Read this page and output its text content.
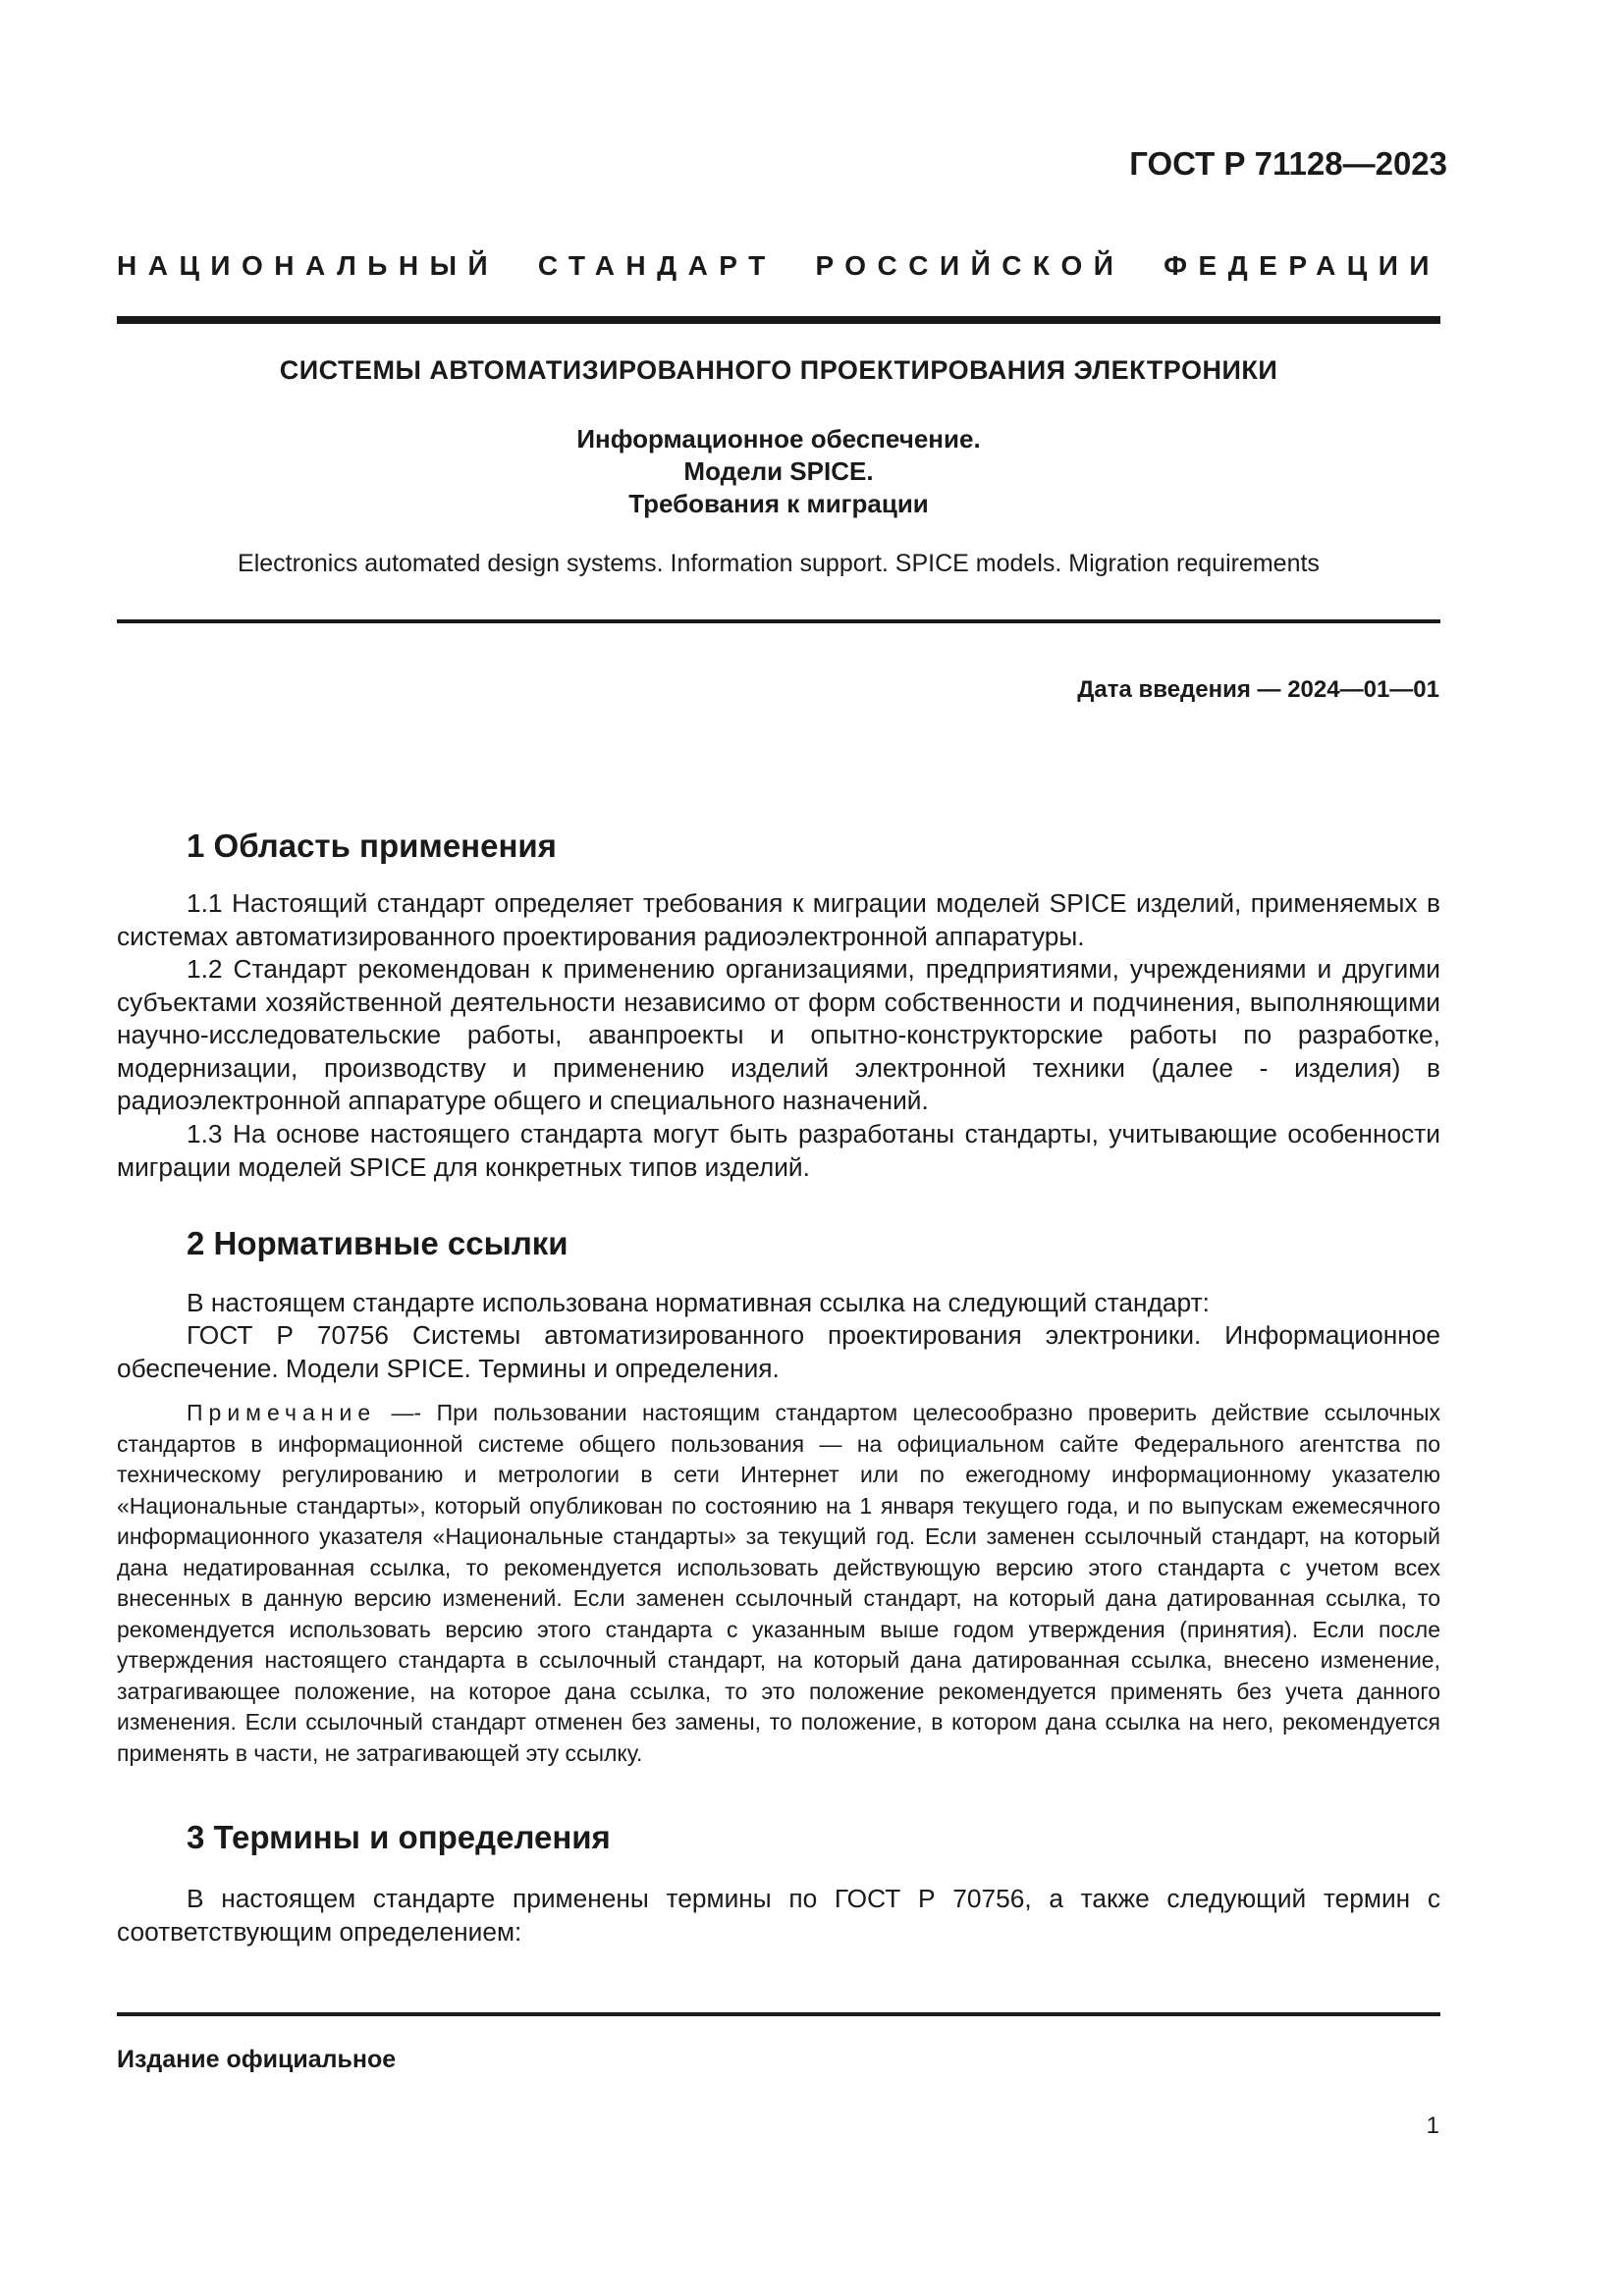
ГОСТ Р 71128—2023
НАЦИОНАЛЬНЫЙ СТАНДАРТ РОССИЙСКОЙ ФЕДЕРАЦИИ
СИСТЕМЫ АВТОМАТИЗИРОВАННОГО ПРОЕКТИРОВАНИЯ ЭЛЕКТРОНИКИ
Информационное обеспечение.
Модели SPICE.
Требования к миграции
Electronics automated design systems. Information support. SPICE models. Migration requirements
Дата введения — 2024—01—01
1 Область применения

1.1 Настоящий стандарт определяет требования к миграции моделей SPICE изделий, применяемых в системах автоматизированного проектирования радиоэлектронной аппаратуры.

1.2 Стандарт рекомендован к применению организациями, предприятиями, учреждениями и другими субъектами хозяйственной деятельности независимо от форм собственности и подчинения, выполняющими научно-исследовательские работы, аванпроекты и опытно-конструкторские работы по разработке, модернизации, производству и применению изделий электронной техники (далее - изделия) в радиоэлектронной аппаратуре общего и специального назначений.

1.3 На основе настоящего стандарта могут быть разработаны стандарты, учитывающие особенности миграции моделей SPICE для конкретных типов изделий.

2 Нормативные ссылки

В настоящем стандарте использована нормативная ссылка на следующий стандарт:

ГОСТ Р 70756 Системы автоматизированного проектирования электроники. Информационное обеспечение. Модели SPICE. Термины и определения.

Примечание —- При пользовании настоящим стандартом целесообразно проверить действие ссылочных стандартов в информационной системе общего пользования — на официальном сайте Федерального агентства по техническому регулированию и метрологии в сети Интернет или по ежегодному информационному указателю «Национальные стандарты», который опубликован по состоянию на 1 января текущего года, и по выпускам ежемесячного информационного указателя «Национальные стандарты» за текущий год. Если заменен ссылочный стандарт, на который дана недатированная ссылка, то рекомендуется использовать действующую версию этого стандарта с учетом всех внесенных в данную версию изменений. Если заменен ссылочный стандарт, на который дана датированная ссылка, то рекомендуется использовать версию этого стандарта с указанным выше годом утверждения (принятия). Если после утверждения настоящего стандарта в ссылочный стандарт, на который дана датированная ссылка, внесено изменение, затрагивающее положение, на которое дана ссылка, то это положение рекомендуется применять без учета данного изменения. Если ссылочный стандарт отменен без замены, то положение, в котором дана ссылка на него, рекомендуется применять в части, не затрагивающей эту ссылку.

3 Термины и определения

В настоящем стандарте применены термины по ГОСТ Р 70756, а также следующий термин с соответствующим определением:

Издание официальное
1
